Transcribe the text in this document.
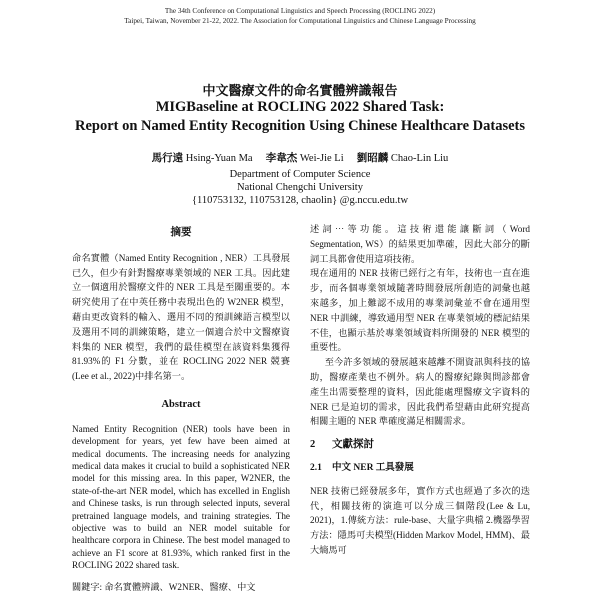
The 34th Conference on Computational Linguistics and Speech Processing (ROCLING 2022)
Taipei, Taiwan, November 21-22, 2022. The Association for Computational Linguistics and Chinese Language Processing
中文醫療文件的命名實體辨識報告
MIGBaseline at ROCLING 2022 Shared Task:
Report on Named Entity Recognition Using Chinese Healthcare Datasets
馬行遠 Hsing-Yuan Ma 李韋杰 Wei-Jie Li 劉昭麟 Chao-Lin Liu
Department of Computer Science
National Chengchi University
{110753132, 110753128, chaolin} @g.nccu.edu.tw
摘要
命名實體（Named Entity Recognition , NER）工具發展已久，但少有針對醫療專業領域的 NER 工具。因此建立一個適用於醫療文件的 NER 工具是至關重要的。本研究使用了在中英任務中表現出色的 W2NER 模型，藉由更改資料的輸入、選用不同的預訓練語言模型以及選用不同的訓練策略，建立一個適合於中文醫療資料集的 NER 模型，我們的最佳模型在該資料集獲得 81.93%的 F1 分數，並在 ROCLING 2022 NER 競賽(Lee et al., 2022)中排名第一。
Abstract
Named Entity Recognition (NER) tools have been in development for years, yet few have been aimed at medical documents. The increasing needs for analyzing medical data makes it crucial to build a sophisticated NER model for this missing area. In this paper, W2NER, the state-of-the-art NER model, which has excelled in English and Chinese tasks, is run through selected inputs, several pretrained language models, and training strategies. The objective was to build an NER model suitable for healthcare corpora in Chinese. The best model managed to achieve an F1 score at 81.93%, which ranked first in the ROCLING 2022 shared task.
關鍵字: 命名實體辨識、W2NER、醫療、中文
述詞⋯等功能。這技術還能讓斷詞（Word Segmentation, WS）的結果更加準確，因此大部分的斷詞工具都會使用這項技術。
現在通用的 NER 技術已經行之有年，技術也一直在進步，而各個專業領域隨著時間發展所創造的詞彙也越來越多，加上難認不成用的專業詞彙並不會在通用型 NER 中訓練，導致通用型 NER 在專業領域的標記結果不佳，也顯示基於專業領域資料所開發的 NER 模型的重要性。
至今許多領域的發展越來越離不開資訊與科技的協助，醫療產業也不例外。病人的醫療紀錄與問診都會產生出需要整理的資料，因此能處理醫療文字資料的 NER 已是迫切的需求，因此我們希望藉由此研究提高相關主題的 NER 準確度滿足相關需求。
2 文獻探討
2.1 中文 NER 工具發展
NER 技術已經發展多年，實作方式也經過了多次的迭代，相關技術的演進可以分成三個階段(Lee & Lu, 2021)，1.傳統方法：rule-base、大量字典檔 2.機器學習方法：隱馬可夫模型(Hidden Markov Model, HMM)、最大熵馬可
